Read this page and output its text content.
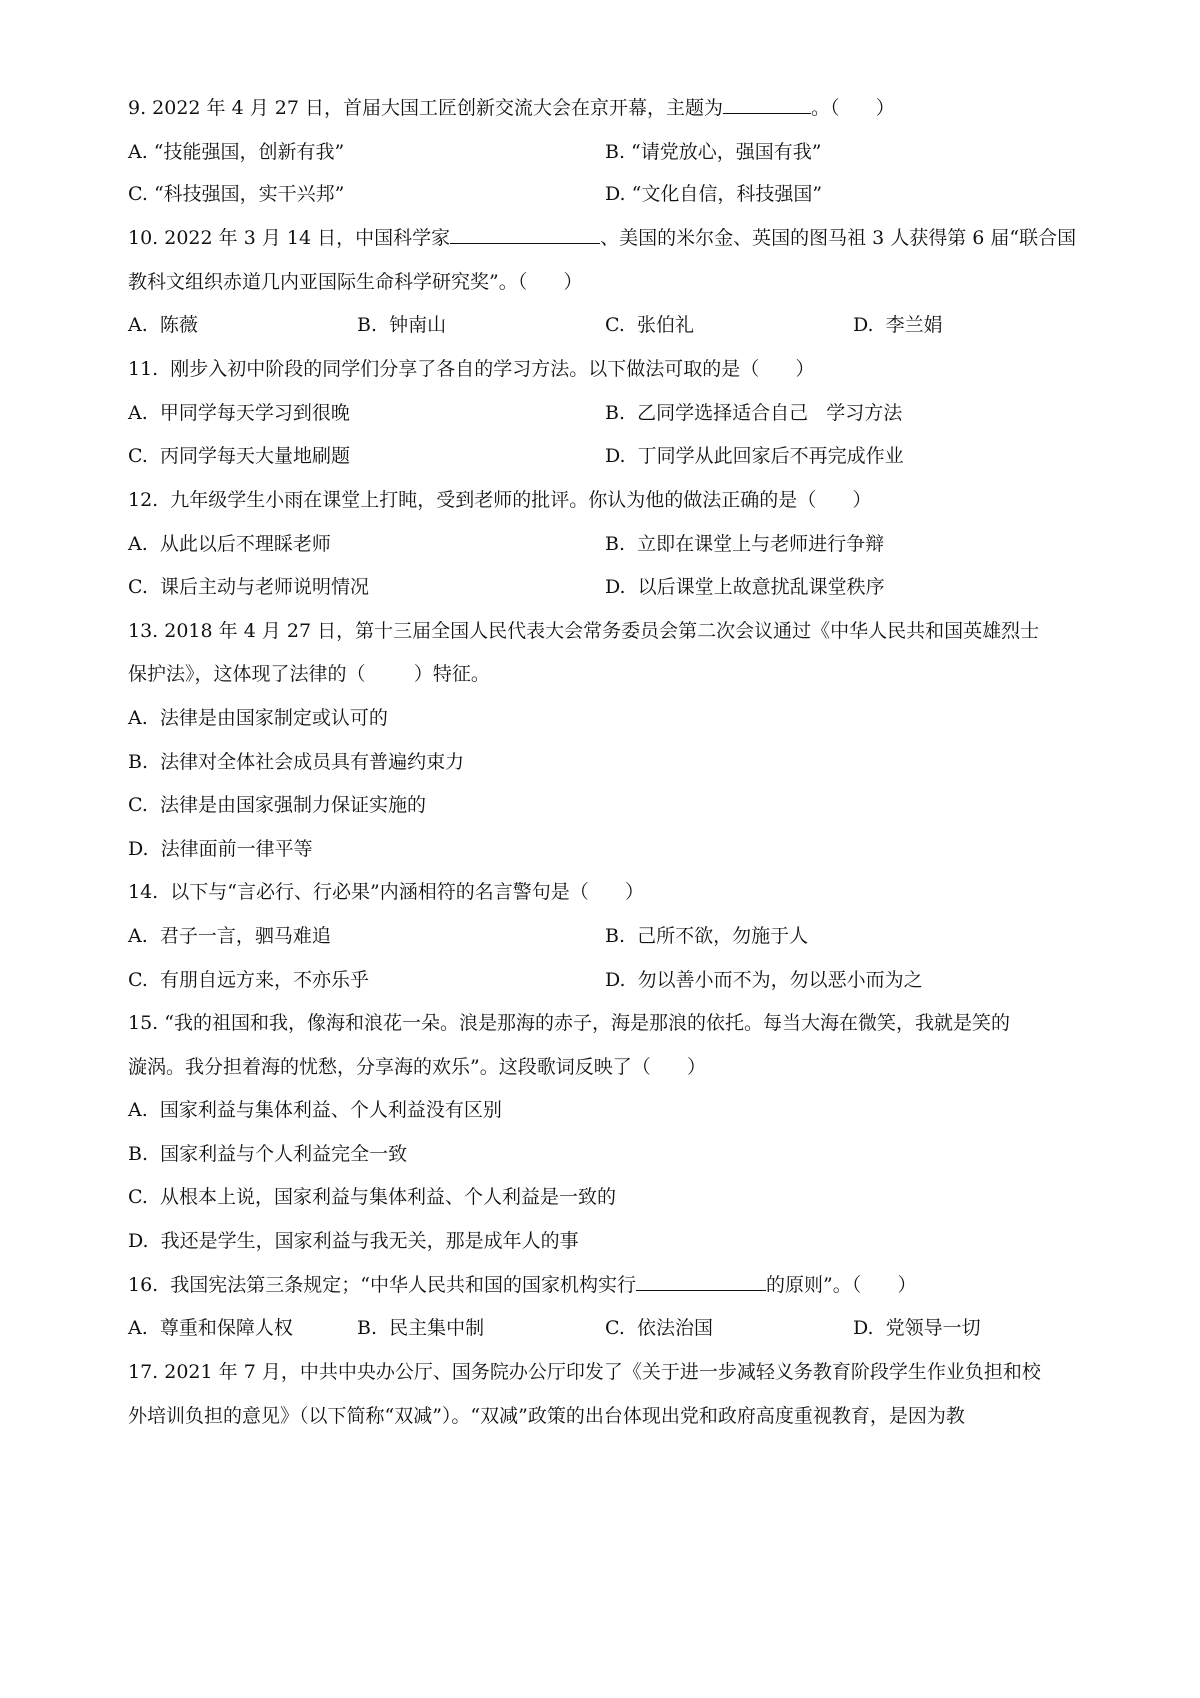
9. 2022 年 4 月 27 日，首届大国工匠创新交流大会在京开幕，主题为	。（      ）
A. “技能强国，创新有我”	B. “请党放心，强国有我”
C. “科技强国，实干兴邦”	D. “文化自信，科技强国”
10. 2022 年 3 月 14 日，中国科学家	、美国的米尔金、英国的图马祖 3 人获得第 6 届“联合国
教科文组织赤道几内亚国际生命科学研究奖”。（      ）
A.  陈薇	B.  钟南山	C.  张伯礼	D.  李兰娟
11.  刚步入初中阶段的同学们分享了各自的学习方法。以下做法可取的是（      ）
A.  甲同学每天学习到很晚	B.  乙同学选择适合自己   学习方法
C.  丙同学每天大量地刷题	D.  丁同学从此回家后不再完成作业
12.  九年级学生小雨在课堂上打盹，受到老师的批评。你认为他的做法正确的是（      ）
A.  从此以后不理睬老师	B.  立即在课堂上与老师进行争辩
C.  课后主动与老师说明情况	D.  以后课堂上故意扰乱课堂秩序
13. 2018 年 4 月 27 日，第十三届全国人民代表大会常务委员会第二次会议通过《中华人民共和国英雄烈士
保护法》，这体现了法律的（        ）特征。
A.  法律是由国家制定或认可的
B.  法律对全体社会成员具有普遍约束力
C.  法律是由国家强制力保证实施的
D.  法律面前一律平等
14.  以下与“言必行、行必果”内涵相符的名言警句是（      ）
A.  君子一言，驷马难追	B.  己所不欲，勿施于人
C.  有朋自远方来，不亦乐乎	D.  勿以善小而不为，勿以恶小而为之
15. “我的祖国和我，像海和浪花一朵。浪是那海的赤子，海是那浪的依托。每当大海在微笑，我就是笑的
漩涡。我分担着海的忧愁，分享海的欢乐”。这段歌词反映了（      ）
A.  国家利益与集体利益、个人利益没有区别
B.  国家利益与个人利益完全一致
C.  从根本上说，国家利益与集体利益、个人利益是一致的
D.  我还是学生，国家利益与我无关，那是成年人的事
16.  我国宪法第三条规定；“中华人民共和国的国家机构实行	的原则”。（      ）
A.  尊重和保障人权	B.  民主集中制	C.  依法治国	D.  党领导一切
17. 2021 年 7 月，中共中央办公厅、国务院办公厅印发了《关于进一步减轻义务教育阶段学生作业负担和校
外培训负担的意见》（以下简称“双减”）。“双减”政策的出台体现出党和政府高度重视教育，是因为教
